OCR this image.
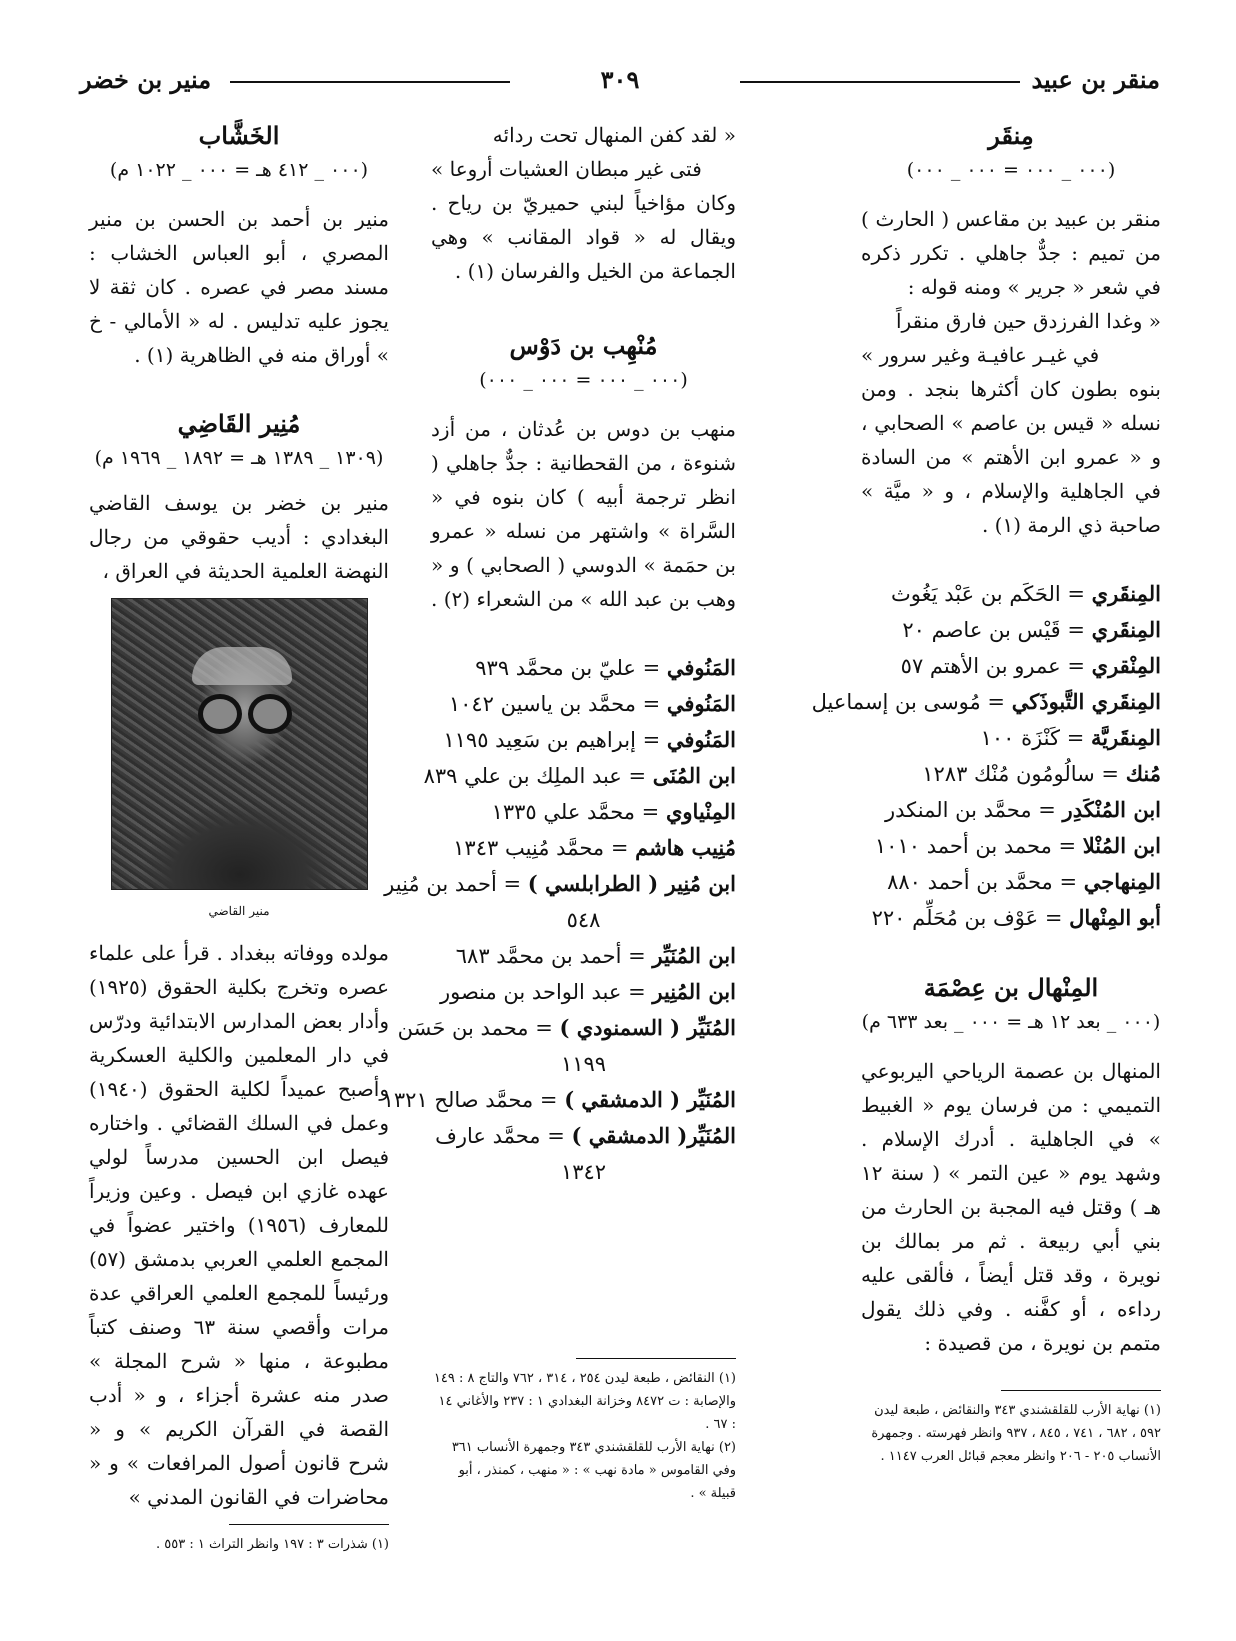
منقر بن عبيد
٣٠٩
منير بن خضر
مِنقَر
(٠٠٠ _ ٠٠٠ = ٠٠٠ _ ٠٠٠)

منقر بن عبيد بن مقاعس ( الحارث ) من تميم : جدٌّ جاهلي . تكرر ذكره في شعر « جرير » ومنه قوله :

« وغدا الفرزدق حين فارق منقراً
في غيـر عافيـة وغير سرور »

بنوه بطون كان أكثرها بنجد . ومن نسله « قيس بن عاصم » الصحابي ، و « عمرو ابن الأهتم » من السادة في الجاهلية والإسلام ، و « ميَّة » صاحبة ذي الرمة (١) .

المِنقَري = الحَكَم بن عَبْد يَغُوث
المِنقَري = قَيْس بن عاصم ٢٠
المِنْقري = عمرو بن الأهتم ٥٧
المِنقَري التَّبوذَكي = مُوسى بن إسماعيل
المِنقَريَّة = كَنْزَة ١٠٠
مُنك = سالُومُون مُنْك ١٢٨٣
ابن المُنْكَدِر = محمَّد بن المنكدر
ابن المُنْلا = محمد بن أحمد ١٠١٠
المِنهاجي = محمَّد بن أحمد ٨٨٠
أبو المِنْهال = عَوْف بن مُحَلِّم ٢٢٠
المِنْهال بن عِصْمَة
(٠٠٠ _ بعد ١٢ هـ = ٠٠٠ _ بعد ٦٣٣ م)

المنهال بن عصمة الرياحي اليربوعي التميمي : من فرسان يوم « الغبيط » في الجاهلية . أدرك الإسلام . وشهد يوم « عين التمر » ( سنة ١٢ هـ ) وقتل فيه المجبة بن الحارث من بني أبي ربيعة . ثم مر بمالك بن نويرة ، وقد قتل أيضاً ، فألقى عليه رداءه ، أو كفَّنه . وفي ذلك يقول متمم بن نويرة ، من قصيدة :

(١) نهاية الأرب للقلقشندي ٣٤٣ والنقائض ، طبعة ليدن ٥٩٢ ، ٦٨٢ ، ٧٤١ ، ٨٤٥ ، ٩٣٧ وانظر فهرسته . وجمهرة الأنساب ٢٠٥ - ٢٠٦ وانظر معجم قبائل العرب ١١٤٧ .
« لقد كفن المنهال تحت ردائه
فتى غير مبطان العشيات أروعا »

وكان مؤاخياً لبني حميريّ بن رياح . ويقال له « قواد المقانب » وهي الجماعة من الخيل والفرسان (١) .

مُنْهِب بن دَوْس
(٠٠٠ _ ٠٠٠ = ٠٠٠ _ ٠٠٠)

منهب بن دوس بن عُدثان ، من أزد شنوءة ، من القحطانية : جدٌّ جاهلي ( انظر ترجمة أبيه ) كان بنوه في « السَّراة » واشتهر من نسله « عمرو بن حمَمة » الدوسي ( الصحابي ) و « وهب بن عبد الله » من الشعراء (٢) .

المَنُوفي = عليّ بن محمَّد ٩٣٩
المَنُوفي = محمَّد بن ياسين ١٠٤٢
المَنُوفي = إبراهيم بن سَعِيد ١١٩٥
ابن المُنَى = عبد الملِك بن علي ٨٣٩
المِنْياوي = محمَّد علي ١٣٣٥
مُنِيب هاشم = محمَّد مُنِيب ١٣٤٣
ابن مُنِير ( الطرابلسي ) = أحمد بن مُنِير
٥٤٨
ابن المُنَيِّر = أحمد بن محمَّد ٦٨٣
ابن المُنِير = عبد الواحد بن منصور
المُنَيِّر ( السمنودي ) = محمد بن حَسَن
١١٩٩
المُنَيِّر ( الدمشقي ) = محمَّد صالح ١٣٢١
المُنَيِّر( الدمشقي ) = محمَّد عارف
١٣٤٢
(١) النقائض ، طبعة ليدن ٢٥٤ ، ٣١٤ ، ٧٦٢ والتاج ٨ : ١٤٩ والإصابة : ت ٨٤٧٢ وخزانة البغدادي ١ : ٢٣٧ والأغاني ١٤ : ٦٧ .
(٢) نهاية الأرب للقلقشندي ٣٤٣ وجمهرة الأنساب ٣٦١ وفي القاموس « مادة نهب » : « منهب ، كمنذر ، أبو قبيلة » .
الخَشَّاب
(٠٠٠ _ ٤١٢ هـ = ٠٠٠ _ ١٠٢٢ م)

منير بن أحمد بن الحسن بن منير المصري ، أبو العباس الخشاب : مسند مصر في عصره . كان ثقة لا يجوز عليه تدليس . له « الأمالي - خ » أوراق منه في الظاهرية (١) .

مُنِير القَاضِي
(١٣٠٩ _ ١٣٨٩ هـ = ١٨٩٢ _ ١٩٦٩ م)

منير بن خضر بن يوسف القاضي البغدادي : أديب حقوقي من رجال النهضة العلمية الحديثة في العراق ،

منير القاضي

مولده ووفاته ببغداد . قرأ على علماء عصره وتخرج بكلية الحقوق (١٩٢٥) وأدار بعض المدارس الابتدائية ودرّس في دار المعلمين والكلية العسكرية وأصبح عميداً لكلية الحقوق (١٩٤٠) وعمل في السلك القضائي . واختاره فيصل ابن الحسين مدرساً لولي عهده غازي ابن فيصل . وعين وزيراً للمعارف (١٩٥٦) واختير عضواً في المجمع العلمي العربي بدمشق (٥٧) ورئيساً للمجمع العلمي العراقي عدة مرات وأقصي سنة ٦٣ وصنف كتباً مطبوعة ، منها « شرح المجلة » صدر منه عشرة أجزاء ، و « أدب القصة في القرآن الكريم » و « شرح قانون أصول المرافعات » و « محاضرات في القانون المدني »

(١) شذرات ٣ : ١٩٧ وانظر التراث ١ : ٥٥٣ .
